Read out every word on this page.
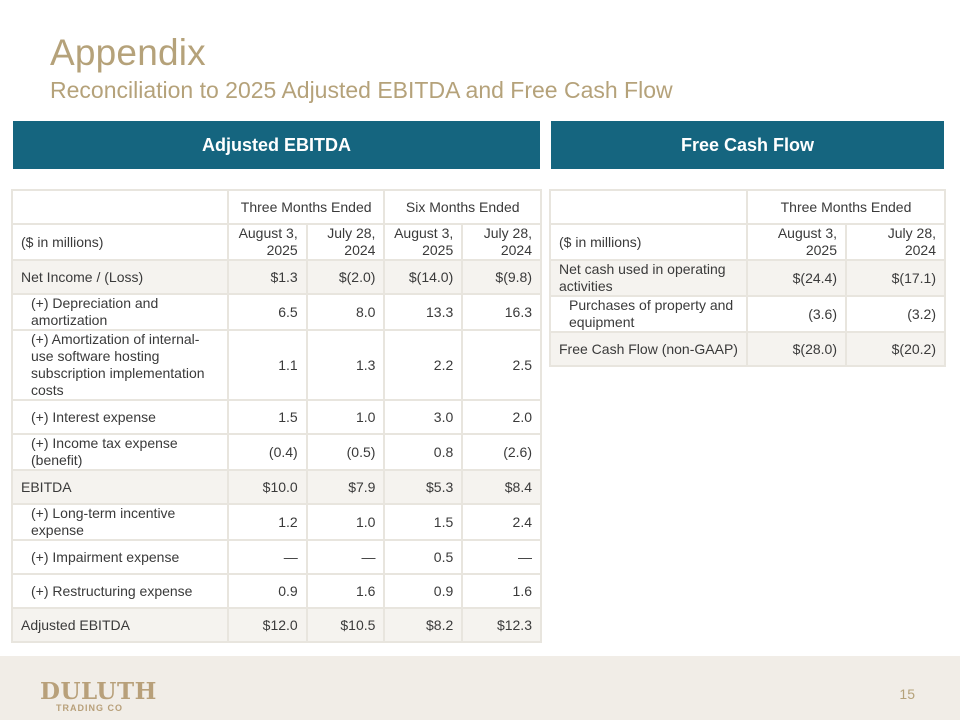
Appendix
Reconciliation to 2025 Adjusted EBITDA and Free Cash Flow
Adjusted EBITDA	Free Cash Flow
	Three Months Ended		Six Months Ended	
($ in millions)	August 3, 2025	July 28, 2024	August 3, 2025	July 28, 2024
Net Income / (Loss)	$1.3	$(2.0)	$(14.0)	$(9.8)
(+) Depreciation and amortization	6.5	8.0	13.3	16.3
(+) Amortization of internal-use software hosting subscription implementation costs	1.1	1.3	2.2	2.5
(+) Interest expense	1.5	1.0	3.0	2.0
(+) Income tax expense (benefit)	(0.4)	(0.5)	0.8	(2.6)
EBITDA	$10.0	$7.9	$5.3	$8.4
(+) Long-term incentive expense	1.2	1.0	1.5	2.4
(+) Impairment expense	—	—	0.5	—
(+) Restructuring expense	0.9	1.6	0.9	1.6
Adjusted EBITDA	$12.0	$10.5	$8.2	$12.3
	Three Months Ended	
($ in millions)	August 3, 2025	July 28, 2024
Net cash used in operating activities	$(24.4)	$(17.1)
Purchases of property and equipment	(3.6)	(3.2)
Free Cash Flow (non-GAAP)	$(28.0)	$(20.2)
DULUTH
TRADING CO
15
